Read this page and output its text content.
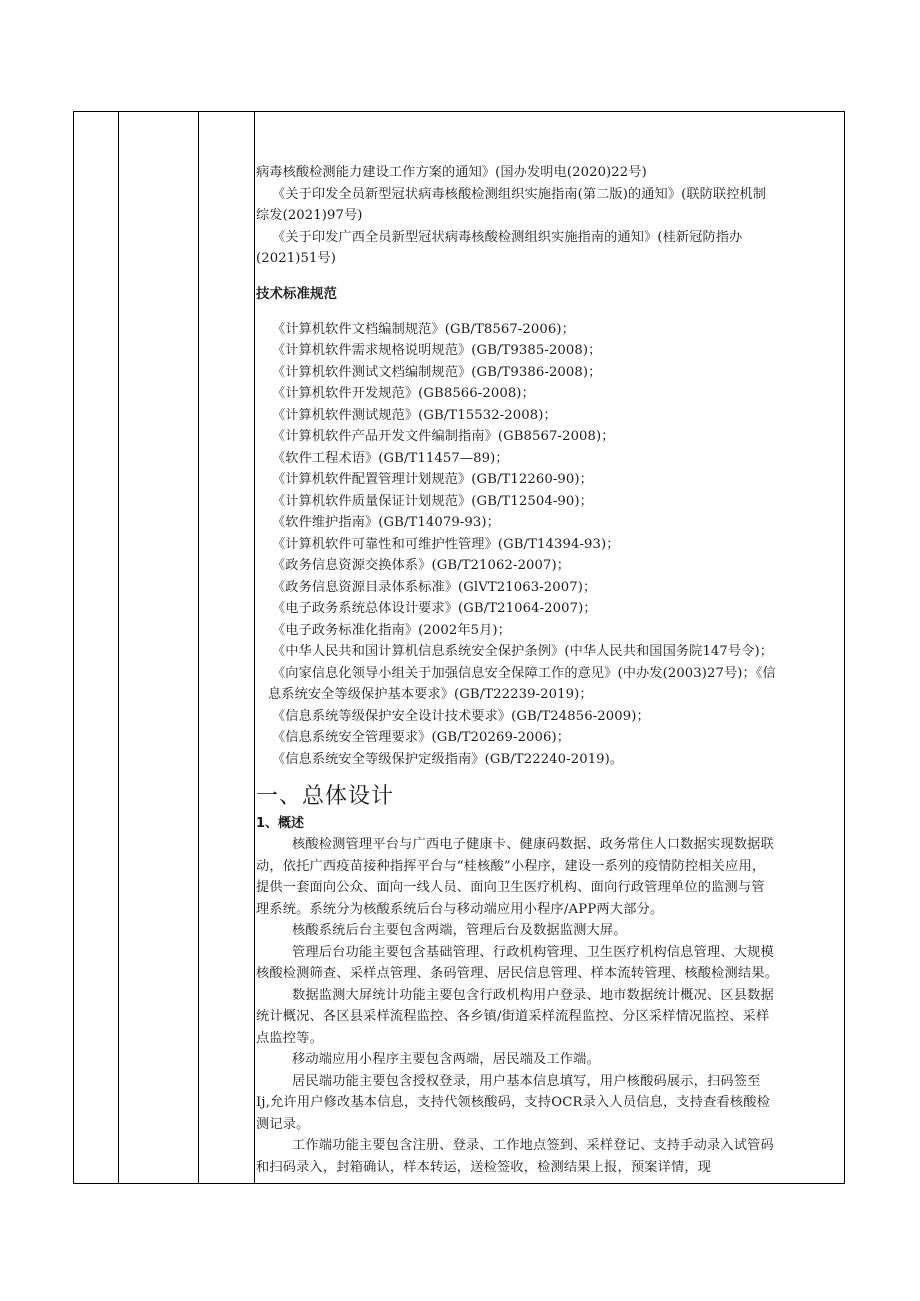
病毒核酸检测能力建设工作方案的通知》(国办发明电(2020)22号)

《关于印发全员新型冠状病毒核酸检测组织实施指南(第二版)的通知》(联防联控机制

综发(2021)97号)

《关于印发广西全员新型冠状病毒核酸检测组织实施指南的通知》(桂新冠防指办

(2021)51号)

技术标准规范

《计算机软件文档编制规范》(GB/T8567-2006)；

《计算机软件需求规格说明规范》(GB/T9385-2008)；

《计算机软件测试文档编制规范》(GB/T9386-2008)；

《计算机软件开发规范》(GB8566-2008)；

《计算机软件测试规范》(GB/T15532-2008)；

《计算机软件产品开发文件编制指南》(GB8567-2008)；

《软件工程术语》(GB/T11457—89)；

《计算机软件配置管理计划规范》(GB/T12260-90)；

《计算机软件质量保证计划规范》(GB/T12504-90)；

《软件维护指南》(GB/T14079-93)；

《计算机软件可靠性和可维护性管理》(GB/T14394-93)；

《政务信息资源交换体系》(GB/T21062-2007)；

《政务信息资源目录体系标准》(GlVT21063-2007)；

《电子政务系统总体设计要求》(GB/T21064-2007)；

《电子政务标准化指南》(2002年5月)；

《中华人民共和国计算机信息系统安全保护条例》(中华人民共和国国务院147号令)；

《向家信息化领导小组关于加强信息安全保障工作的意见》(中办发(2003)27号)；《信

息系统安全等级保护基本要求》(GB/T22239-2019)；

《信息系统等级保护安全设计技术要求》(GB/T24856-2009)；

《信息系统安全管理要求》(GB/T20269-2006)；

《信息系统安全等级保护定级指南》(GB/T22240-2019)。

一、总体设计

1、概述

核酸检测管理平台与广西电子健康卡、健康码数据、政务常住人口数据实现数据联

动，依托广西疫苗接种指挥平台与“桂核酸”小程序，建设一系列的疫情防控相关应用，

提供一套面向公众、面向一线人员、面向卫生医疗机构、面向行政管理单位的监测与管

理系统。系统分为核酸系统后台与移动端应用小程序/APP两大部分。

核酸系统后台主要包含两端，管理后台及数据监测大屏。

管理后台功能主要包含基础管理、行政机构管理、卫生医疗机构信息管理、大规模

核酸检测筛查、采样点管理、条码管理、居民信息管理、样本流转管理、核酸检测结果。

数据监测大屏统计功能主要包含行政机构用户登录、地市数据统计概况、区县数据

统计概况、各区县采样流程监控、各乡镇/街道采样流程监控、分区采样情况监控、采样

点监控等。

移动端应用小程序主要包含两端，居民端及工作端。

居民端功能主要包含授权登录，用户基本信息填写，用户核酸码展示，扫码签至

Ij,允许用户修改基本信息，支持代领核酸码，支持OCR录入人员信息，支持查看核酸检

测记录。

工作端功能主要包含注册、登录、工作地点签到、采样登记、支持手动录入试管码

和扫码录入，封箱确认，样本转运，送检签收，检测结果上报，预案详情，现
